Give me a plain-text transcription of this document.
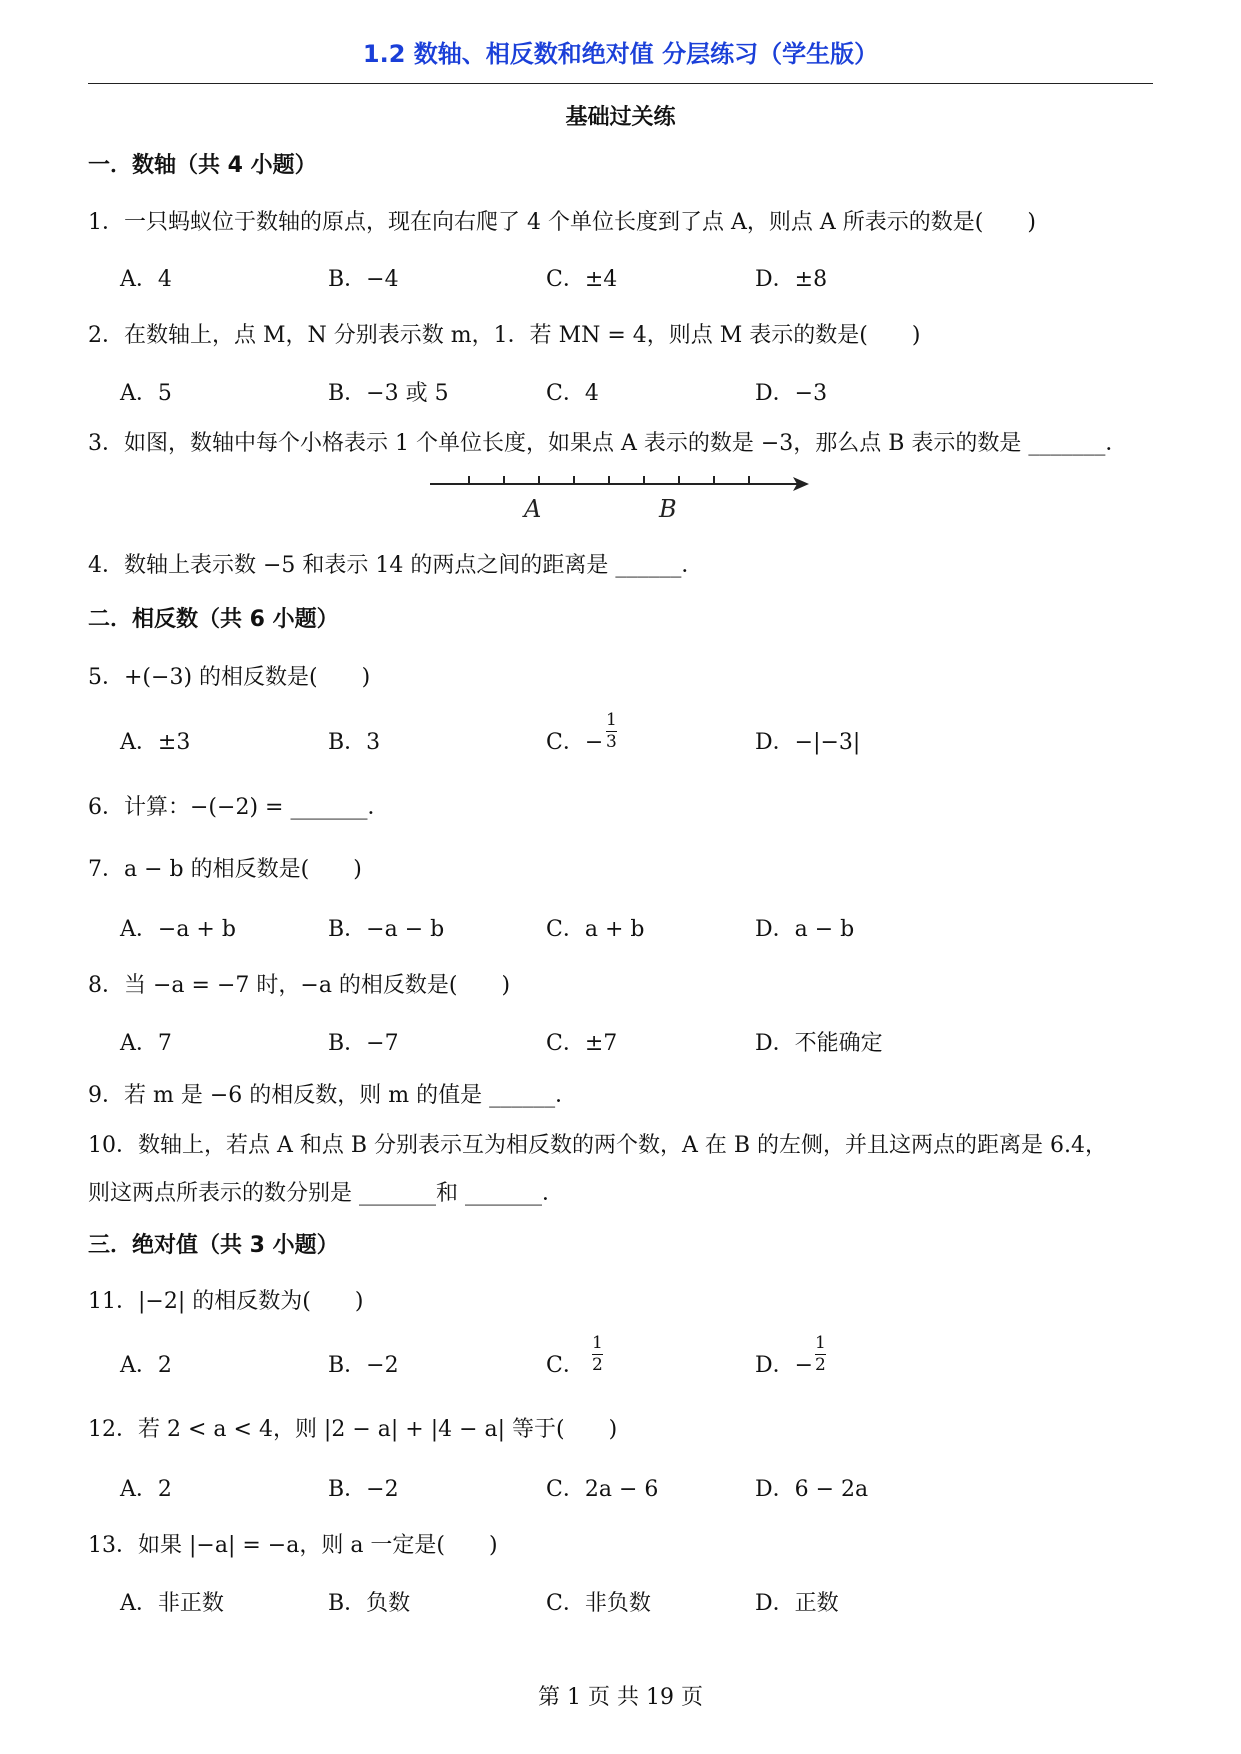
1.2 数轴、相反数和绝对值 分层练习（学生版）
基础过关练
一．数轴（共 4 小题）
1．一只蚂蚁位于数轴的原点，现在向右爬了 4 个单位长度到了点 A，则点 A 所表示的数是(　　)
A．4	B．−4	C．±4	D．±8
2．在数轴上，点 M，N 分别表示数 m，1．若 MN = 4，则点 M 表示的数是(　　)
A．5	B．−3 或 5	C．4	D．−3
3．如图，数轴中每个小格表示 1 个单位长度，如果点 A 表示的数是 −3，那么点 B 表示的数是 _______．
A	B
4．数轴上表示数 −5 和表示 14 的两点之间的距离是 ______．
二．相反数（共 6 小题）
5．+(−3) 的相反数是(　　)
A．±3	B．3	C．−
1
3	D．−|−3|
6．计算：−(−2) = _______．
7．a − b 的相反数是(　　)
A．−a + b	B．−a − b	C．a + b	D．a − b
8．当 −a = −7 时，−a 的相反数是(　　)
A．7	B．−7	C．±7	D．不能确定
9．若 m 是 −6 的相反数，则 m 的值是 ______．
10．数轴上，若点 A 和点 B 分别表示互为相反数的两个数，A 在 B 的左侧，并且这两点的距离是 6.4，
则这两点所表示的数分别是 _______和 _______．
三．绝对值（共 3 小题）
11．|−2| 的相反数为(　　)
A．2	B．−2	C．
1
2	D．−
1
2
12．若 2 < a < 4，则 |2 − a| + |4 − a| 等于(　　)
A．2	B．−2	C．2a − 6	D．6 − 2a
13．如果 |−a| = −a，则 a 一定是(　　)
A．非正数	B．负数	C．非负数	D．正数
第 1 页 共 19 页
